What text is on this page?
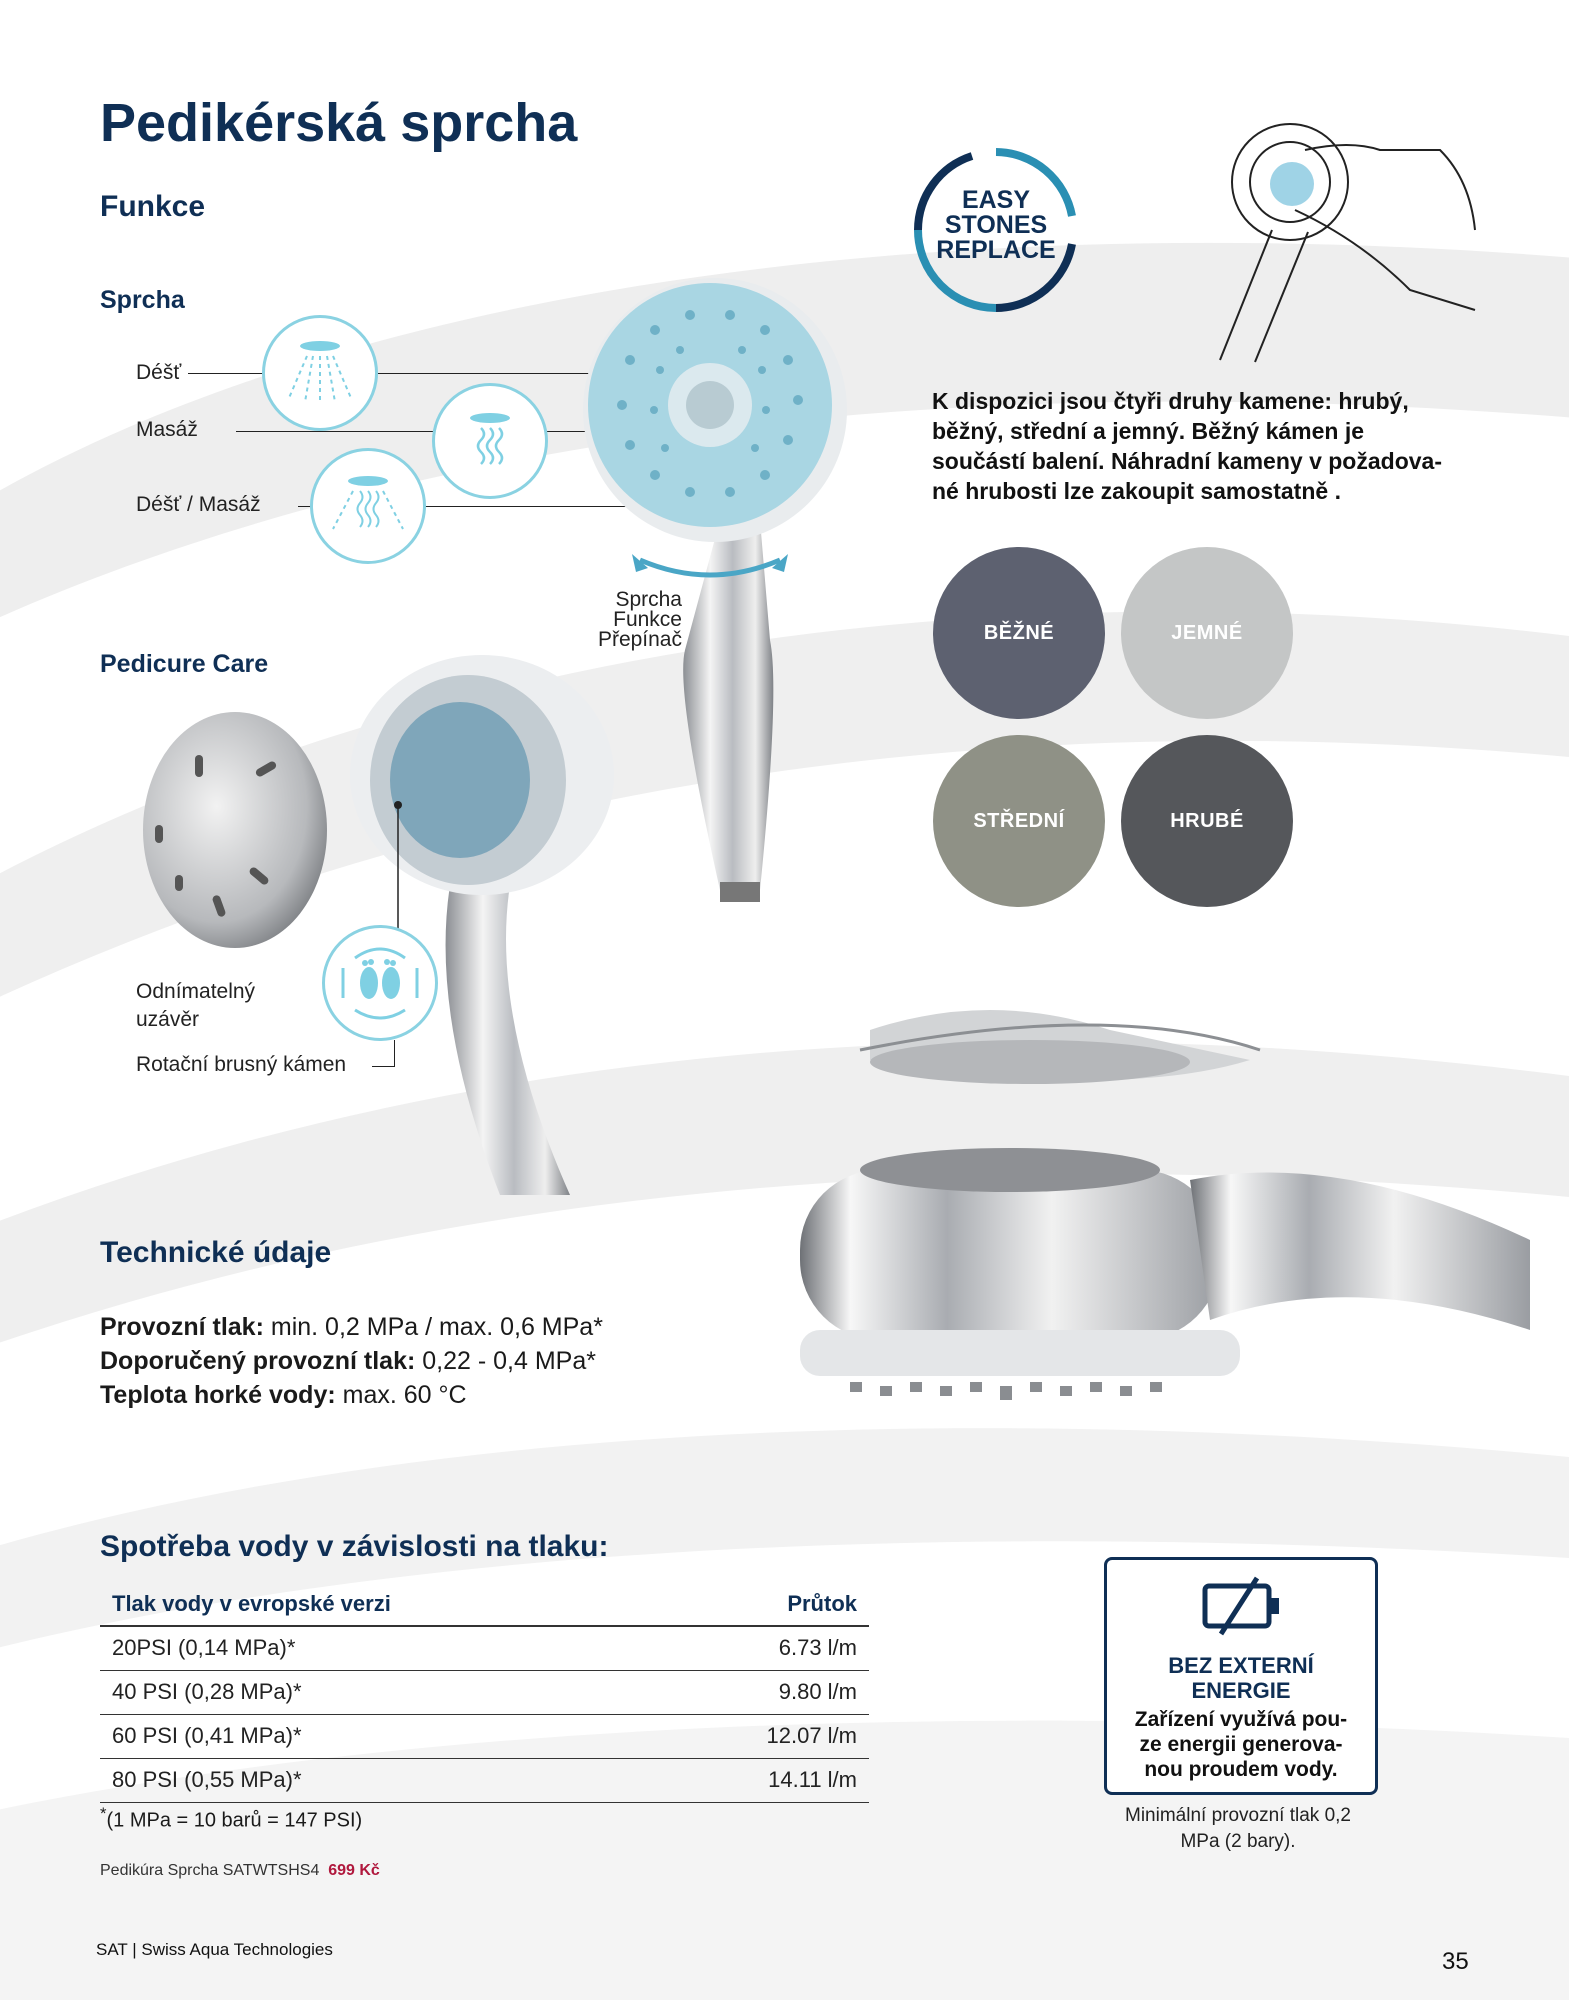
Pedikérská sprcha
Funkce
Sprcha
Déšť
Masáž
Déšť / Masáž
Sprcha
Funkce
Přepínač
EASY
STONES
REPLACE
K dispozici jsou čtyři druhy kamene: hrubý,
běžný, střední a jemný. Běžný kámen je
součástí balení. Náhradní kameny v požadova-
né hrubosti lze zakoupit samostatně .
BĚŽNÉ	JEMNÉ
STŘEDNÍ	HRUBÉ
Pedicure Care
Odnímatelný
uzávěr
Rotační brusný kámen
Technické údaje
Provozní tlak: min. 0,2 MPa / max. 0,6 MPa*
Doporučený provozní tlak: 0,22 - 0,4 MPa*
Teplota horké vody: max. 60 °C
Spotřeba vody v závislosti na tlaku:
Tlak vody v evropské verzi	Průtok
20PSI (0,14 MPa)*	6.73 l/m
40 PSI (0,28 MPa)*	9.80 l/m
60 PSI (0,41 MPa)*	12.07 l/m
80 PSI (0,55 MPa)*	14.11 l/m
*(1 MPa = 10 barů = 147 PSI)
Pedikúra Sprcha SATWTSHS4 699 Kč
BEZ EXTERNÍ
ENERGIE
Zařízení využívá pou-
ze energii generova-
nou proudem vody.
Minimální provozní tlak 0,2
MPa (2 bary).
SAT | Swiss Aqua Technologies	35
